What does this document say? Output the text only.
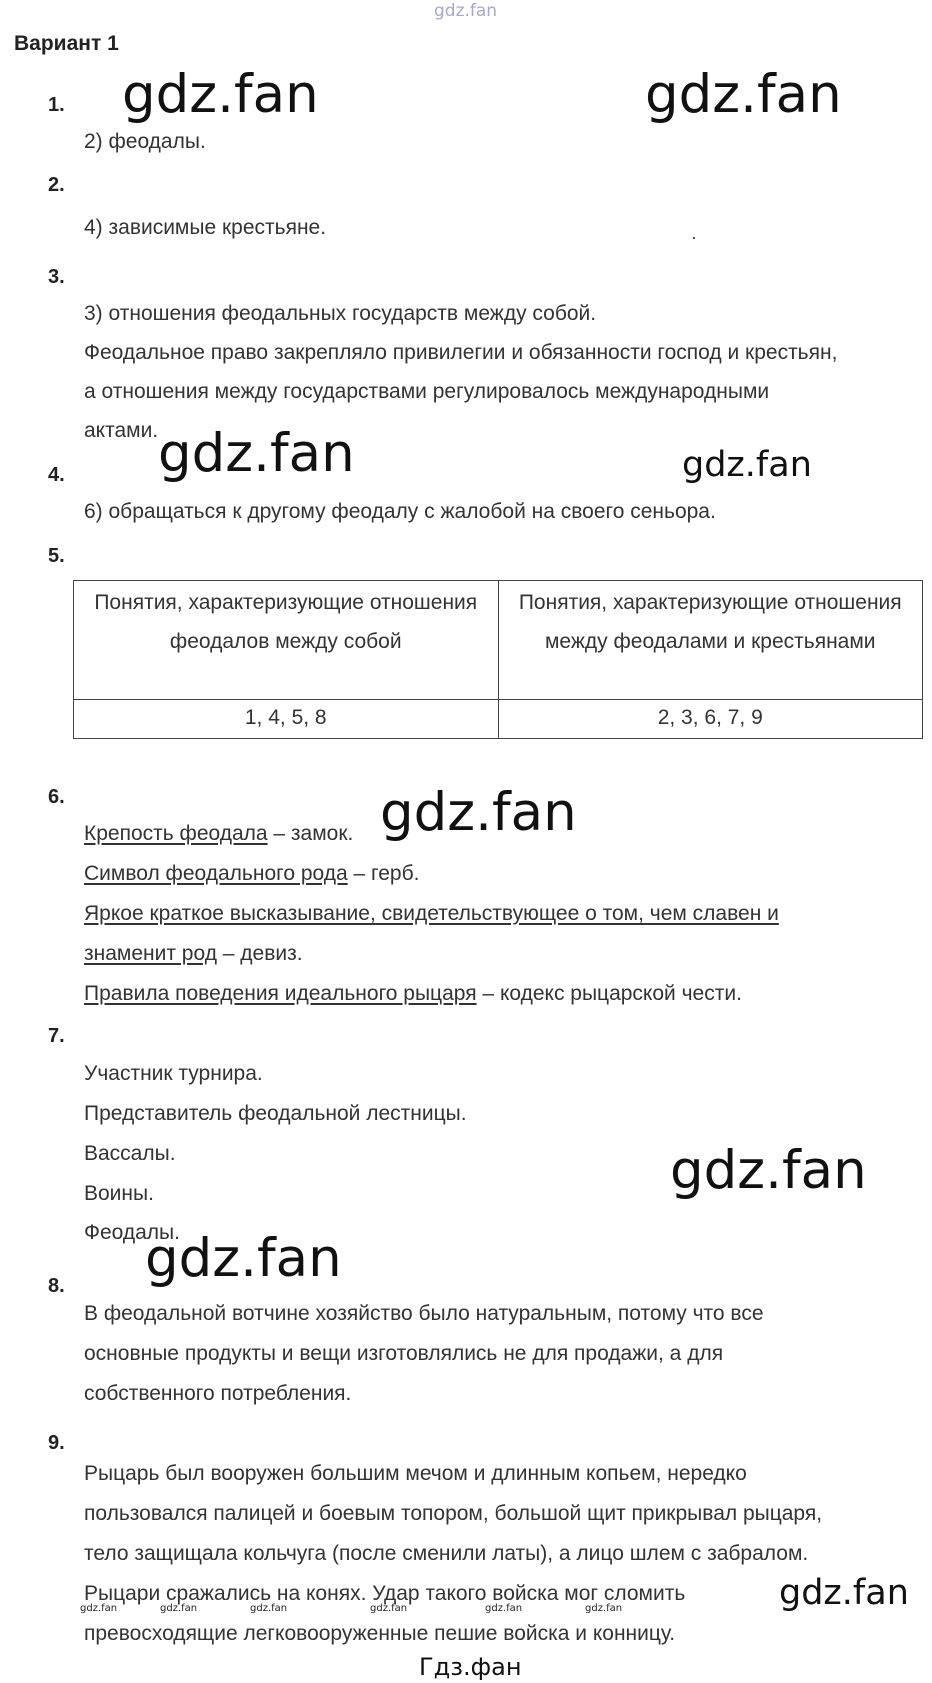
gdz.fan
Вариант 1
1.
2.
3.
4.
5.
6.
7.
8.
9.
2) феодалы.
4) зависимые крестьяне.
3) отношения феодальных государств между собой.
Феодальное право закрепляло привилегии и обязанности господ и крестьян,
а отношения между государствами регулировалось международными
актами.
6) обращаться к другому феодалу с жалобой на своего сеньора.
Понятия, характеризующие отношения феодалов между собой	Понятия, характеризующие отношения между феодалами и крестьянами
1, 4, 5, 8	2, 3, 6, 7, 9
Крепость феодала – замок.
Символ феодального рода – герб.
Яркое краткое высказывание, свидетельствующее о том, чем славен и
знаменит род – девиз.
Правила поведения идеального рыцаря – кодекс рыцарской чести.
Участник турнира.
Представитель феодальной лестницы.
Вассалы.
Воины.
Феодалы.
В феодальной вотчине хозяйство было натуральным, потому что все
основные продукты и вещи изготовлялись не для продажи, а для
собственного потребления.
Рыцарь был вооружен большим мечом и длинным копьем, нередко
пользовался палицей и боевым топором, большой щит прикрывал рыцаря,
тело защищала кольчуга (после сменили латы), а лицо шлем с забралом.
Рыцари сражались на конях. Удар такого войска мог сломить
превосходящие легковооруженные пешие войска и конницу.
gdz.fan	gdz.fan
gdz.fan	gdz.fan
gdz.fan
gdz.fan
gdz.fan
gdz.fan
gdz.fan	gdz.fan	gdz.fan	gdz.fan	gdz.fan	gdz.fan
Гдз.фан
